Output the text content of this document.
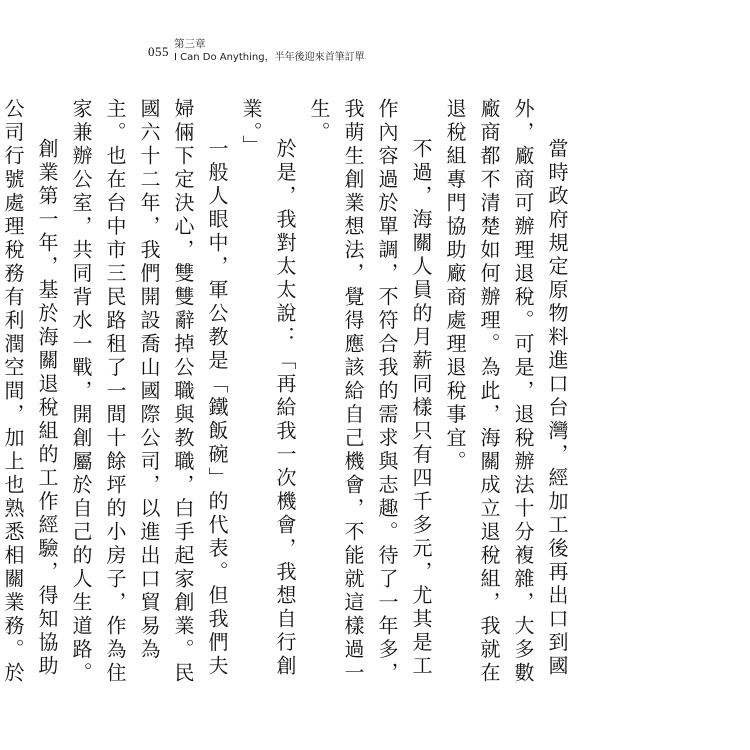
055 第三章
I Can Do Anything，半年後迎來首筆訂單

當時政府規定原物料進口台灣，經加工後再出口到國外，廠商可辦理退稅。可是，退稅辦法十分複雜，大多數廠商都不清楚如何辦理。為此，海關成立退稅組，我就在退稅組專門協助廠商處理退稅事宜。

不過，海關人員的月薪同樣只有四千多元，尤其是工作內容過於單調，不符合我的需求與志趣。待了一年多，我萌生創業想法，覺得應該給自己機會，不能就這樣過一生。

於是，我對太太說：「再給我一次機會，我想自行創業。」

一般人眼中，軍公教是「鐵飯碗」的代表。但我們夫婦倆下定決心，雙雙辭掉公職與教職，白手起家創業。民國六十二年，我們開設喬山國際公司，以進出口貿易為主。也在台中市三民路租了一間十餘坪的小房子，作為住家兼辦公室，共同背水一戰，開創屬於自己的人生道路。

創業第一年，基於海關退稅組的工作經驗，得知協助公司行號處理稅務有利潤空間，加上也熟悉相關業務。於
